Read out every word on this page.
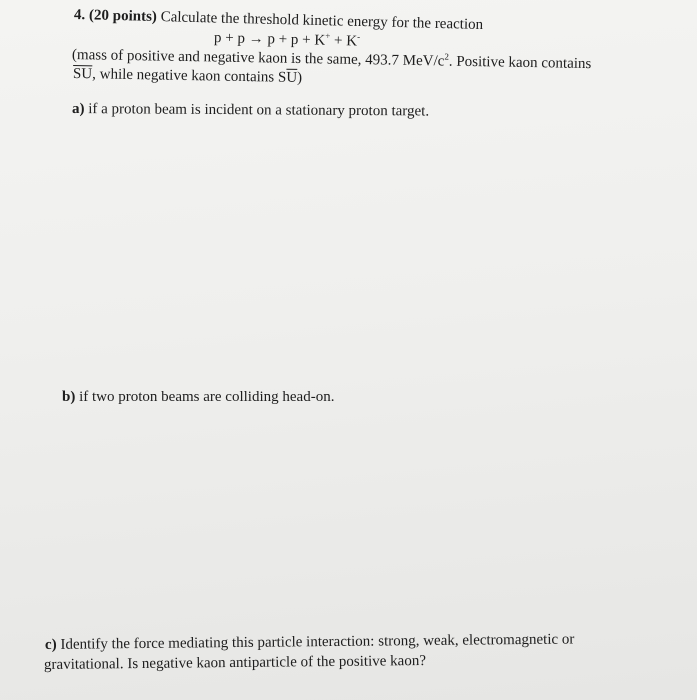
4. (20 points) Calculate the threshold kinetic energy for the reaction
p + p → p + p + K+ + K-
(mass of positive and negative kaon is the same, 493.7 MeV/$c^2$. Positive kaon contains
$\overline{SU}$, while negative kaon contains $S\overline{U}$)
a) if a proton beam is incident on a stationary proton target.
b) if two proton beams are colliding head-on.
c) Identify the force mediating this particle interaction: strong, weak, electromagnetic or
gravitational. Is negative kaon antiparticle of the positive kaon?
